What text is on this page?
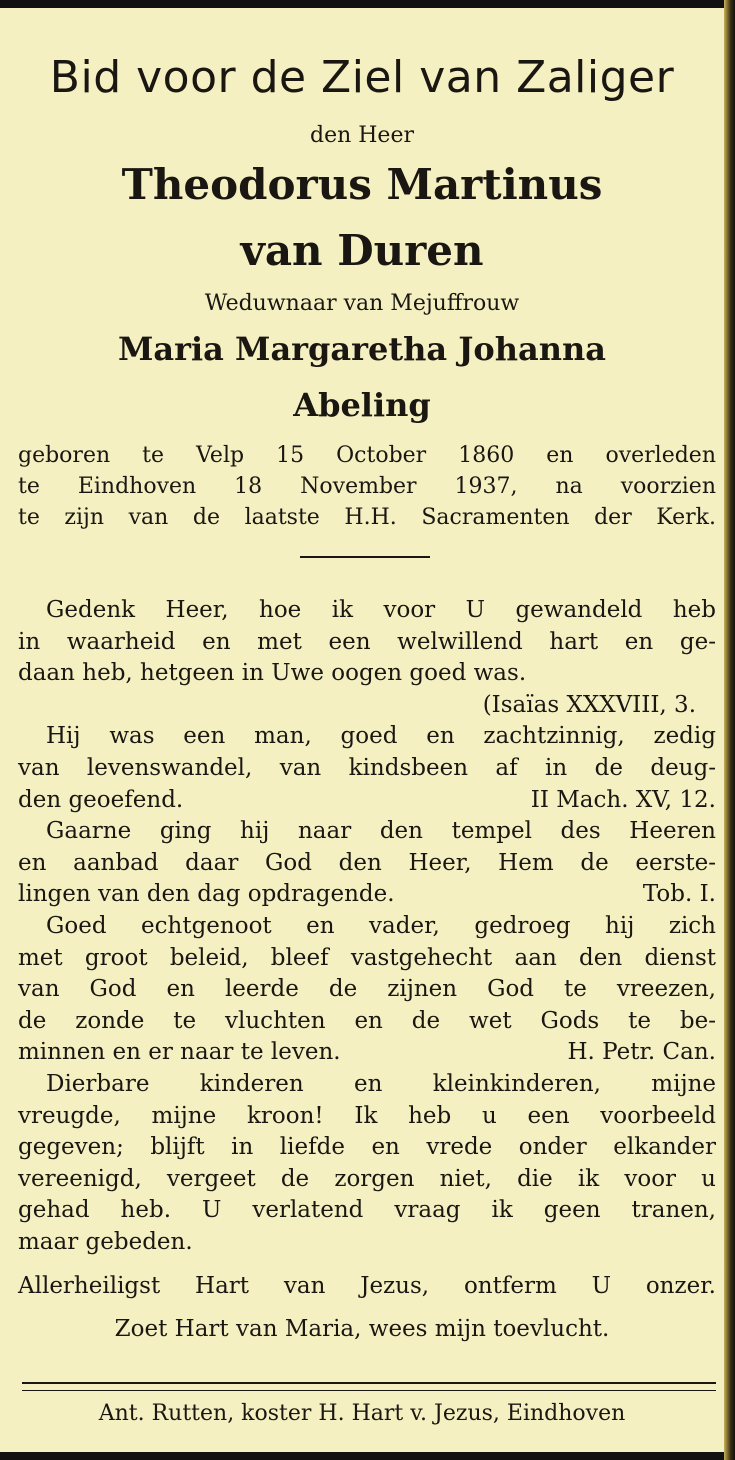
Bid voor de Ziel van Zaliger
den Heer
Theodorus Martinus
van Duren
Weduwnaar van Mejuffrouw
Maria Margaretha Johanna
Abeling
geboren te Velp 15 October 1860 en overleden
te Eindhoven 18 November 1937, na voorzien
te zijn van de laatste H.H. Sacramenten der Kerk.
Gedenk Heer, hoe ik voor U gewandeld heb
in waarheid en met een welwillend hart en ge-
daan heb, hetgeen in Uwe oogen goed was.
(Isaïas XXXVIII, 3.
Hij was een man, goed en zachtzinnig, zedig
van levenswandel, van kindsbeen af in de deug-
den geoefend.	II Mach. XV, 12.
Gaarne ging hij naar den tempel des Heeren
en aanbad daar God den Heer, Hem de eerste-
lingen van den dag opdragende.	Tob. I.
Goed echtgenoot en vader, gedroeg hij zich
met groot beleid, bleef vastgehecht aan den dienst
van God en leerde de zijnen God te vreezen,
de zonde te vluchten en de wet Gods te be-
minnen en er naar te leven.	H. Petr. Can.
Dierbare kinderen en kleinkinderen, mijne
vreugde, mijne kroon! Ik heb u een voorbeeld
gegeven; blijft in liefde en vrede onder elkander
vereenigd, vergeet de zorgen niet, die ik voor u
gehad heb. U verlatend vraag ik geen tranen,
maar gebeden.
Allerheiligst Hart van Jezus, ontferm U onzer.
Zoet Hart van Maria, wees mijn toevlucht.
Ant. Rutten, koster H. Hart v. Jezus, Eindhoven
